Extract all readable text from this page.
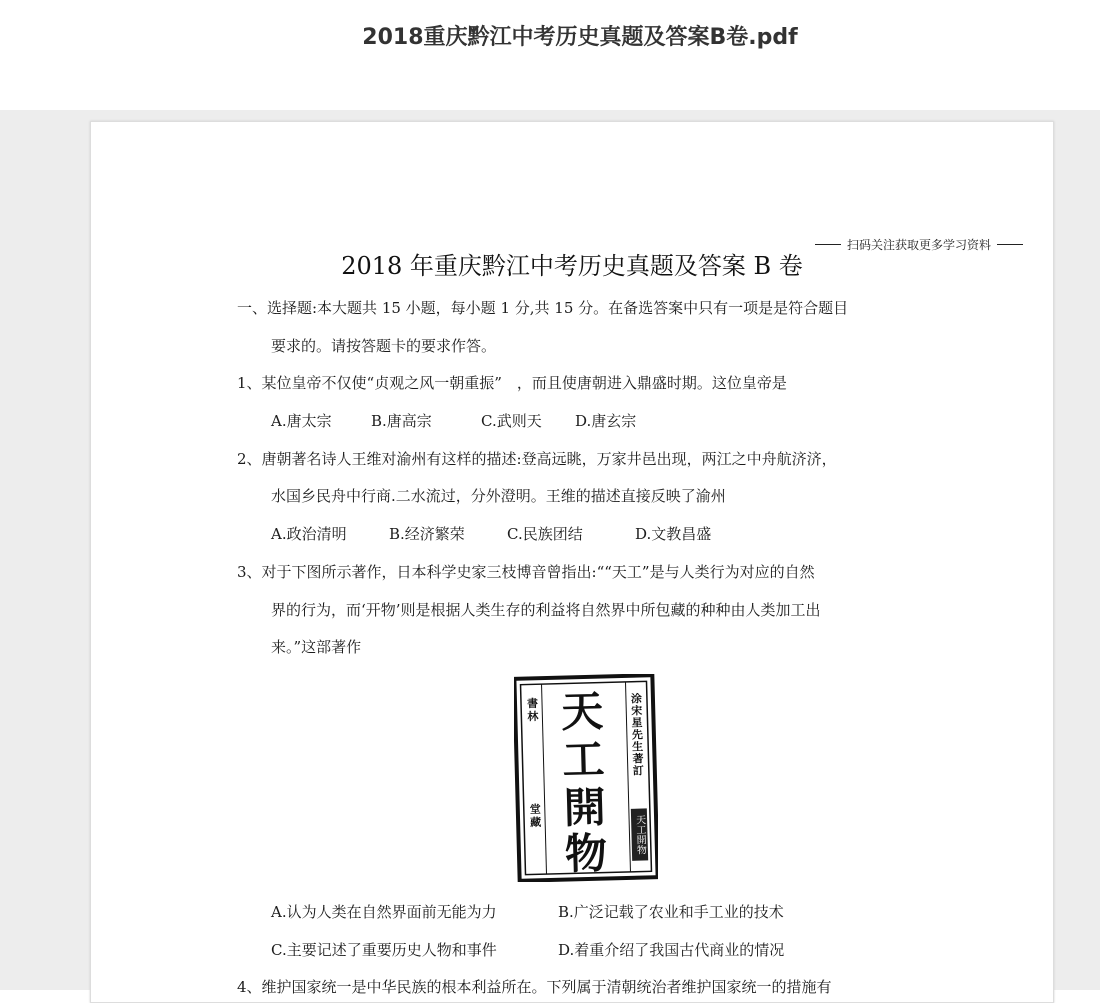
2018重庆黔江中考历史真题及答案B卷.pdf
扫码关注获取更多学习资料
2018 年重庆黔江中考历史真题及答案 B 卷
一、选择题:本大题共 15 小题，每小题 1 分,共 15 分。在备选答案中只有一项是是符合题目
要求的。请按答题卡的要求作答。
1、某位皇帝不仅使“贞观之风一朝重振”　，而且使唐朝进入鼎盛时期。这位皇帝是
A.唐太宗	B.唐高宗	C.武则天 D.唐玄宗
2、唐朝著名诗人王维对渝州有这样的描述:登高远眺，万家井邑出现，两江之中舟航济济，
水国乡民舟中行商.二水流过，分外澄明。王维的描述直接反映了渝州
A.政治清明	B.经济繁荣	C.民族团结	D.文教昌盛
3、对于下图所示著作，日本科学史家三枝博音曾指出:““天工”是与人类行为对应的自然
界的行为，而‘开物’则是根据人类生存的利益将自然界中所包藏的种种由人类加工出
来。”这部著作
書林
堂藏
涂宋星先生著訂
天工開物
天
工
開
物
A.认为人类在自然界面前无能为力	B.广泛记载了农业和手工业的技术
C.主要记述了重要历史人物和事件	D.着重介绍了我国古代商业的情况
4、维护国家统一是中华民族的根本利益所在。下列属于清朝统治者维护国家统一的措施有
